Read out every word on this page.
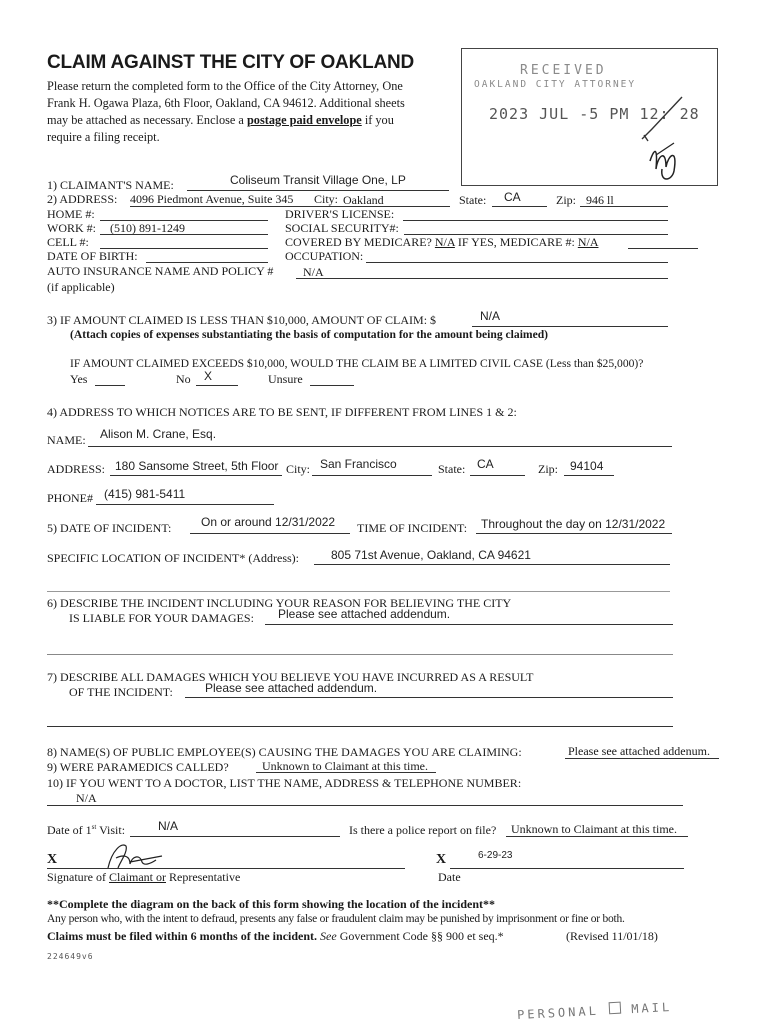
CLAIM AGAINST THE CITY OF OAKLAND
Please return the completed form to the Office of the City Attorney, One
Frank H. Ogawa Plaza, 6th Floor, Oakland, CA 94612. Additional sheets
may be attached as necessary. Enclose a postage paid envelope if you
require a filing receipt.
RECEIVED
OAKLAND CITY ATTORNEY
2023 JUL -5 PM 12: 28
1) CLAIMANT'S NAME:	Coliseum Transit Village One, LP
2) ADDRESS: 4096 Piedmont Avenue, Suite 345 City: Oakland	State: CA	Zip: 946 ll
HOME #:	DRIVER'S LICENSE:
WORK #: (510) 891-1249	SOCIAL SECURITY#:
CELL #:	COVERED BY MEDICARE? N/A IF YES, MEDICARE #: N/A
DATE OF BIRTH:	OCCUPATION:
AUTO INSURANCE NAME AND POLICY # N/A
(if applicable)
3) IF AMOUNT CLAIMED IS LESS THAN $10,000, AMOUNT OF CLAIM: $	N/A
(Attach copies of expenses substantiating the basis of computation for the amount being claimed)
IF AMOUNT CLAIMED EXCEEDS $10,000, WOULD THE CLAIM BE A LIMITED CIVIL CASE (Less than $25,000)?
Yes	No X	Unsure
4) ADDRESS TO WHICH NOTICES ARE TO BE SENT, IF DIFFERENT FROM LINES 1 & 2:
NAME: Alison M. Crane, Esq.
ADDRESS: 180 Sansome Street, 5th Floor City: San Francisco	State: CA	Zip: 94104
PHONE# (415) 981-5411
5) DATE OF INCIDENT: On or around 12/31/2022 TIME OF INCIDENT: Throughout the day on 12/31/2022
SPECIFIC LOCATION OF INCIDENT* (Address):	805 71st Avenue, Oakland, CA 94621
6) DESCRIBE THE INCIDENT INCLUDING YOUR REASON FOR BELIEVING THE CITY
IS LIABLE FOR YOUR DAMAGES: Please see attached addendum.
7) DESCRIBE ALL DAMAGES WHICH YOU BELIEVE YOU HAVE INCURRED AS A RESULT
OF THE INCIDENT:	Please see attached addendum.
8) NAME(S) OF PUBLIC EMPLOYEE(S) CAUSING THE DAMAGES YOU ARE CLAIMING:	Please see attached addenum.
9) WERE PARAMEDICS CALLED?	Unknown to Claimant at this time.
10) IF YOU WENT TO A DOCTOR, LIST THE NAME, ADDRESS & TELEPHONE NUMBER:
N/A
Date of 1st Visit:	N/A	Is there a police report on file? Unknown to Claimant at this time.
X
Signature of Claimant or Representative
X	6-29-23
Date
**Complete the diagram on the back of this form showing the location of the incident**
Any person who, with the intent to defraud, presents any false or fraudulent claim may be punished by imprisonment or fine or both.
Claims must be filed within 6 months of the incident. See Government Code §§ 900 et seq.*	(Revised 11/01/18)
224649v6
PERSONAL	MAIL
